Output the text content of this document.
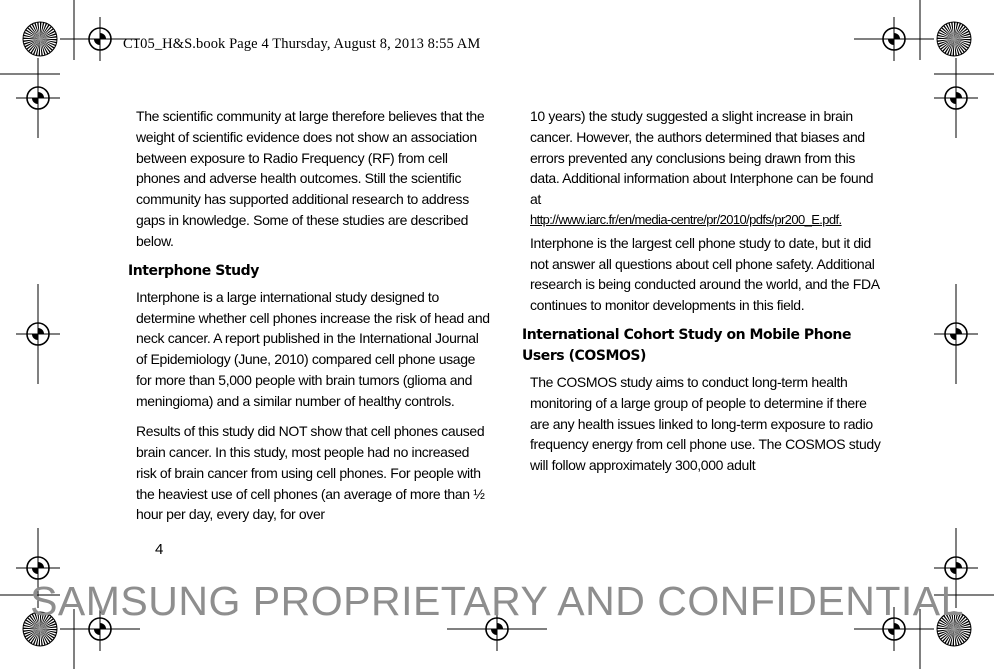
C105_H&S.book Page 4 Thursday, August 8, 2013 8:55 AM

The scientific community at large therefore believes that the weight of scientific evidence does not show an association between exposure to Radio Frequency (RF) from cell phones and adverse health outcomes. Still the scientific community has supported additional research to address gaps in knowledge. Some of these studies are described below.

Interphone Study

Interphone is a large international study designed to determine whether cell phones increase the risk of head and neck cancer. A report published in the International Journal of Epidemiology (June, 2010) compared cell phone usage for more than 5,000 people with brain tumors (glioma and meningioma) and a similar number of healthy controls.

Results of this study did NOT show that cell phones caused brain cancer. In this study, most people had no increased risk of brain cancer from using cell phones. For people with the heaviest use of cell phones (an average of more than ½ hour per day, every day, for over

10 years) the study suggested a slight increase in brain cancer. However, the authors determined that biases and errors prevented any conclusions being drawn from this data. Additional information about Interphone can be found at
http://www.iarc.fr/en/media-centre/pr/2010/pdfs/pr200_E.pdf.

Interphone is the largest cell phone study to date, but it did not answer all questions about cell phone safety. Additional research is being conducted around the world, and the FDA continues to monitor developments in this field.

International Cohort Study on Mobile Phone Users (COSMOS)

The COSMOS study aims to conduct long-term health monitoring of a large group of people to determine if there are any health issues linked to long-term exposure to radio frequency energy from cell phone use. The COSMOS study will follow approximately 300,000 adult

4
SAMSUNG PROPRIETARY AND CONFIDENTIAL
